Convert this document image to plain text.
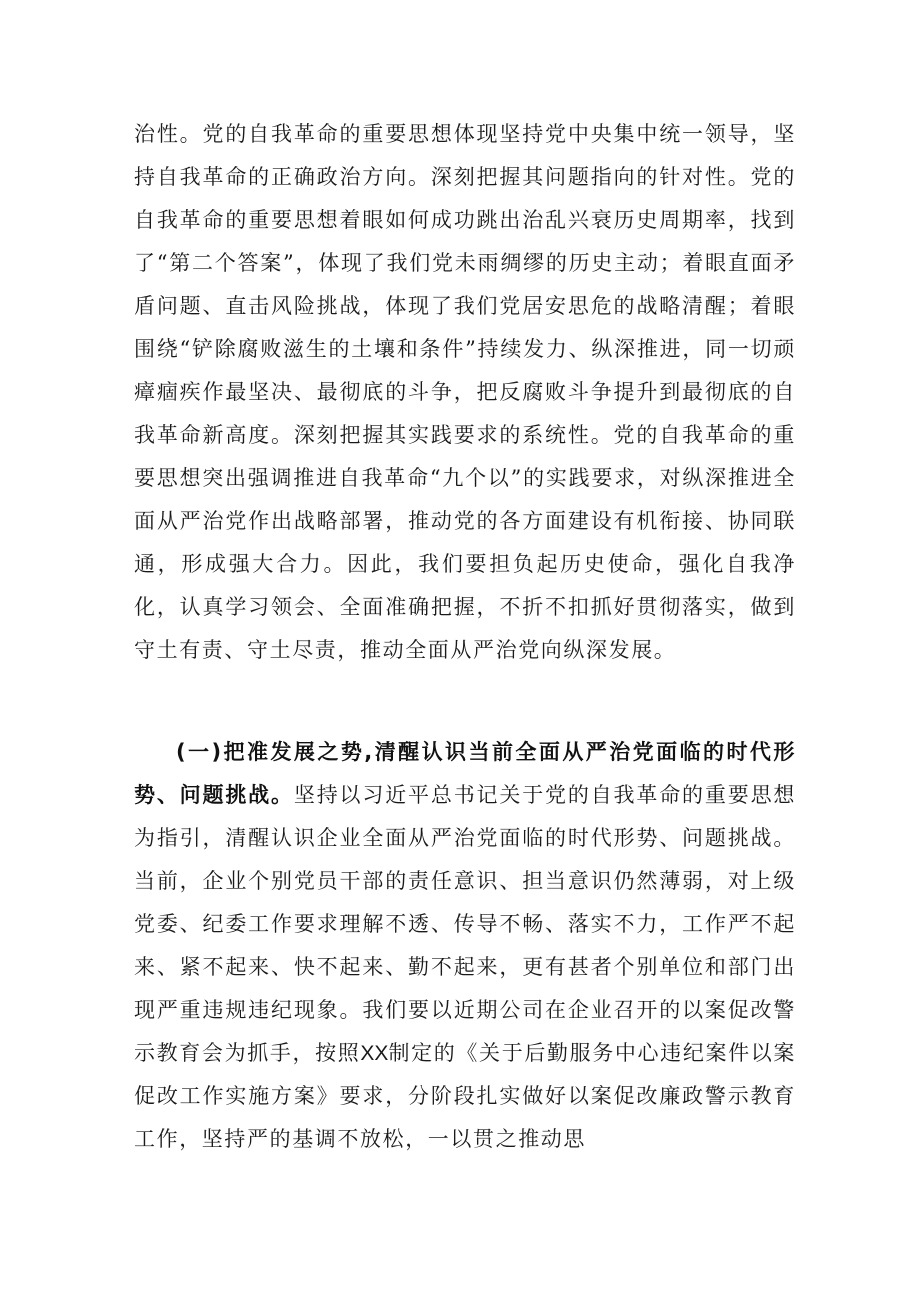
治性。党的自我革命的重要思想体现坚持党中央集中统一领导，坚持自我革命的正确政治方向。深刻把握其问题指向的针对性。党的自我革命的重要思想着眼如何成功跳出治乱兴衰历史周期率，找到了“第二个答案”，体现了我们党未雨绸缪的历史主动；着眼直面矛盾问题、直击风险挑战，体现了我们党居安思危的战略清醒；着眼围绕“铲除腐败滋生的土壤和条件”持续发力、纵深推进，同一切顽瘴痼疾作最坚决、最彻底的斗争，把反腐败斗争提升到最彻底的自我革命新高度。深刻把握其实践要求的系统性。党的自我革命的重要思想突出强调推进自我革命“九个以”的实践要求，对纵深推进全面从严治党作出战略部署，推动党的各方面建设有机衔接、协同联通，形成强大合力。因此，我们要担负起历史使命，强化自我净化，认真学习领会、全面准确把握，不折不扣抓好贯彻落实，做到守土有责、守土尽责，推动全面从严治党向纵深发展。

(一)把准发展之势,清醒认识当前全面从严治党面临的时代形势、问题挑战。坚持以习近平总书记关于党的自我革命的重要思想为指引，清醒认识企业全面从严治党面临的时代形势、问题挑战。当前，企业个别党员干部的责任意识、担当意识仍然薄弱，对上级党委、纪委工作要求理解不透、传导不畅、落实不力，工作严不起来、紧不起来、快不起来、勤不起来，更有甚者个别单位和部门出现严重违规违纪现象。我们要以近期公司在企业召开的以案促改警示教育会为抓手，按照XX制定的《关于后勤服务中心违纪案件以案促改工作实施方案》要求，分阶段扎实做好以案促改廉政警示教育工作，坚持严的基调不放松，一以贯之推动思
